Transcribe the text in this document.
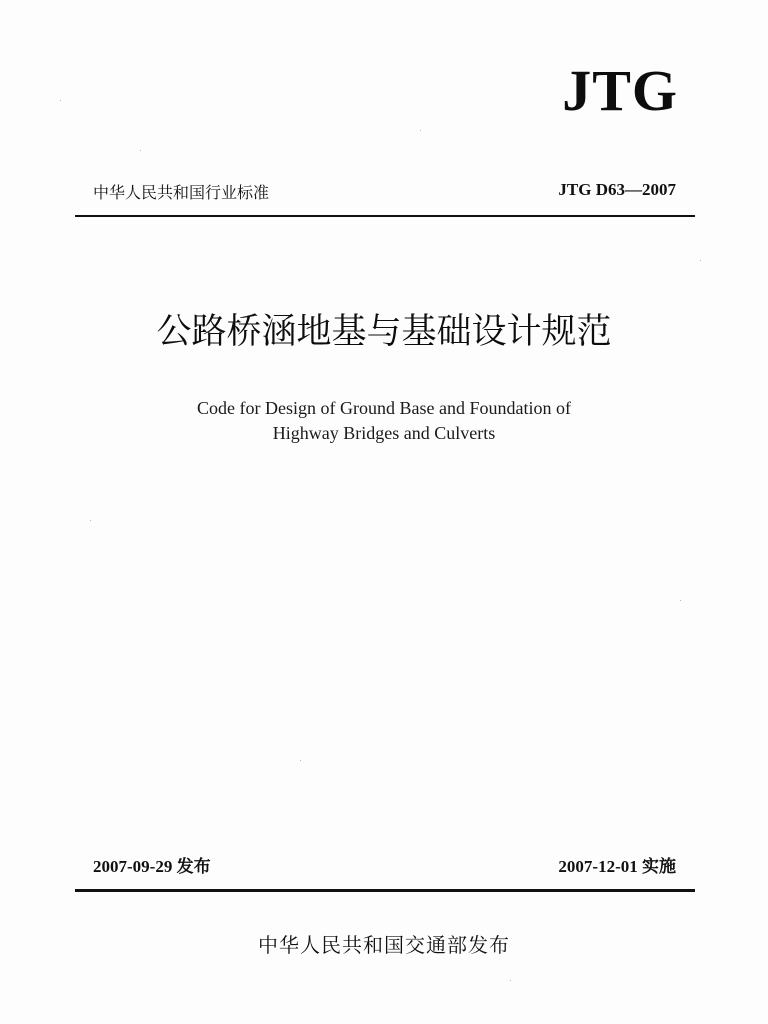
JTG
中华人民共和国行业标准	JTG D63—2007
公路桥涵地基与基础设计规范
Code for Design of Ground Base and Foundation of
Highway Bridges and Culverts
2007-09-29 发布	2007-12-01 实施
中华人民共和国交通部发布
